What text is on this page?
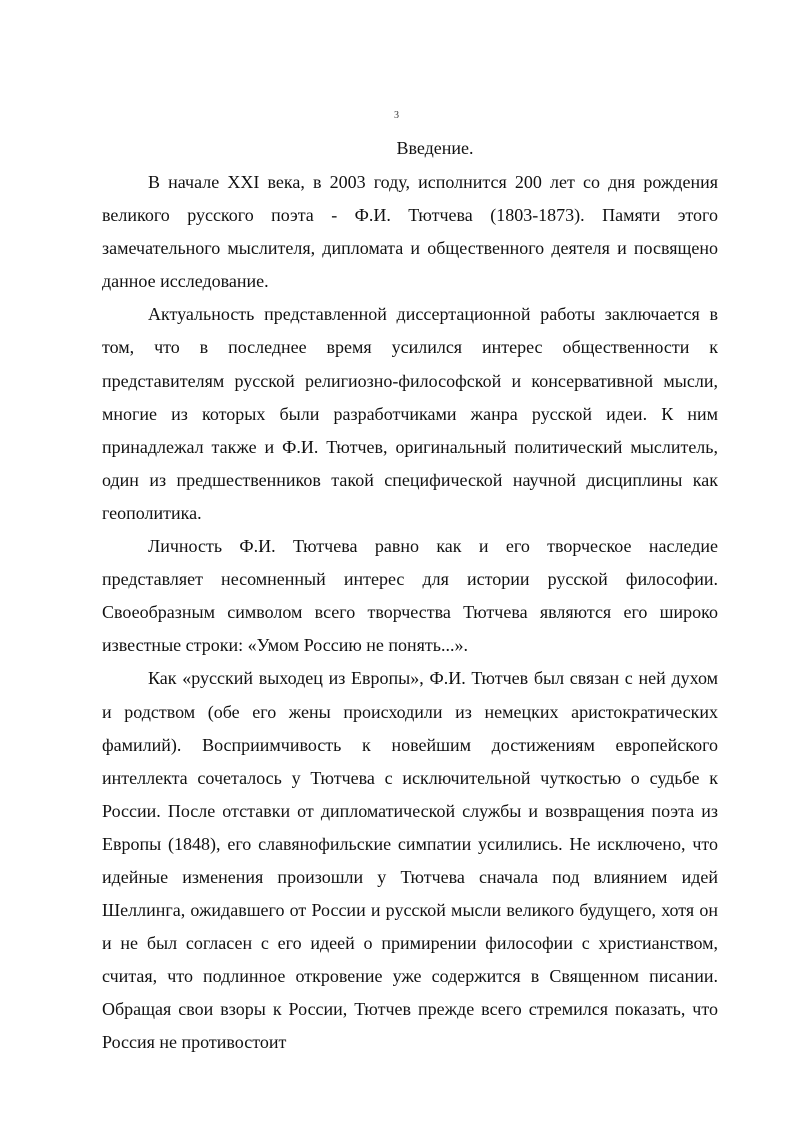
3
Введение.

В начале XXI века, в 2003 году, исполнится 200 лет со дня рождения великого русского поэта - Ф.И. Тютчева (1803-1873). Памяти этого замечательного мыслителя, дипломата и общественного деятеля и посвящено данное исследование.

Актуальность представленной диссертационной работы заключается в том, что в последнее время усилился интерес общественности к представителям русской религиозно-философской и консервативной мысли, многие из которых были разработчиками жанра русской идеи. К ним принадлежал также и Ф.И. Тютчев, оригинальный политический мыслитель, один из предшественников такой специфической научной дисциплины как геополитика.

Личность Ф.И. Тютчева равно как и его творческое наследие представляет несомненный интерес для истории русской философии. Своеобразным символом всего творчества Тютчева являются его широко известные строки: «Умом Россию не понять...».

Как «русский выходец из Европы», Ф.И. Тютчев был связан с ней духом и родством (обе его жены происходили из немецких аристократических фамилий). Восприимчивость к новейшим достижениям европейского интеллекта сочеталось у Тютчева с исключительной чуткостью о судьбе к России. После отставки от дипломатической службы и возвращения поэта из Европы (1848), его славянофильские симпатии усилились. Не исключено, что идейные изменения произошли у Тютчева сначала под влиянием идей Шеллинга, ожидавшего от России и русской мысли великого будущего, хотя он и не был согласен с его идеей о примирении философии с христианством, считая, что подлинное откровение уже содержится в Священном писании. Обращая свои взоры к России, Тютчев прежде всего стремился показать, что Россия не противостоит
